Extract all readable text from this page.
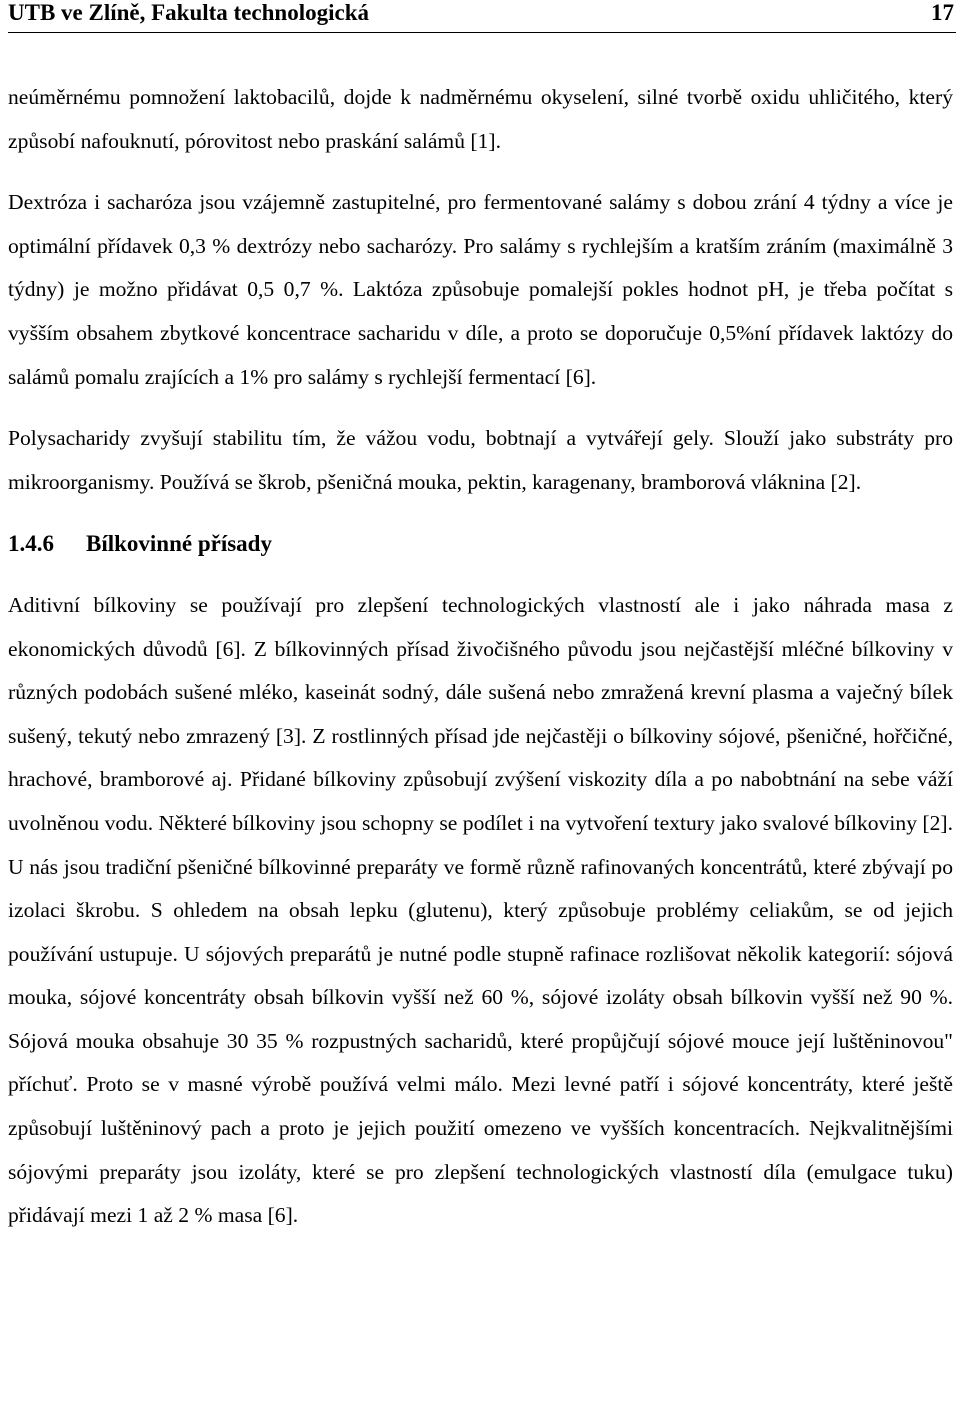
UTB ve Zlíně, Fakulta technologická	17

neúměrnému pomnožení laktobacilů, dojde k nadměrnému okyselení, silné tvorbě oxidu uhličitého, který způsobí nafouknutí, pórovitost nebo praskání salámů [1].

Dextróza i sacharóza jsou vzájemně zastupitelné, pro fermentované salámy s dobou zrání 4 týdny a více je optimální přídavek 0,3 % dextrózy nebo sacharózy. Pro salámy s rychlejším a kratším zráním (maximálně 3 týdny) je možno přidávat 0,5 0,7 %. Laktóza způsobuje pomalejší pokles hodnot pH, je třeba počítat s vyšším obsahem zbytkové koncentrace sacharidu v díle, a proto se doporučuje 0,5%ní přídavek laktózy do salámů pomalu zrajících a 1% pro salámy s rychlejší fermentací [6].

Polysacharidy zvyšují stabilitu tím, že vážou vodu, bobtnají a vytvářejí gely. Slouží jako substráty pro mikroorganismy. Používá se škrob, pšeničná mouka, pektin, karagenany, bramborová vláknina [2].

1.4.6 Bílkovinné přísady

Aditivní bílkoviny se používají pro zlepšení technologických vlastností ale i jako náhrada masa z ekonomických důvodů [6]. Z bílkovinných přísad živočišného původu jsou nejčastější mléčné bílkoviny v různých podobách sušené mléko, kaseinát sodný, dále sušená nebo zmražená krevní plasma a vaječný bílek sušený, tekutý nebo zmrazený [3]. Z rostlinných přísad jde nejčastěji o bílkoviny sójové, pšeničné, hořčičné, hrachové, bramborové aj. Přidané bílkoviny způsobují zvýšení viskozity díla a po nabobtnání na sebe váží uvolněnou vodu. Některé bílkoviny jsou schopny se podílet i na vytvoření textury jako svalové bílkoviny [2]. U nás jsou tradiční pšeničné bílkovinné preparáty ve formě různě rafinovaných koncentrátů, které zbývají po izolaci škrobu. S ohledem na obsah lepku (glutenu), který způsobuje problémy celiakům, se od jejich používání ustupuje. U sójových preparátů je nutné podle stupně rafinace rozlišovat několik kategorií: sójová mouka, sójové koncentráty obsah bílkovin vyšší než 60 %, sójové izoláty obsah bílkovin vyšší než 90 %. Sójová mouka obsahuje 30 35 % rozpustných sacharidů, které propůjčují sójové mouce její luštěninovou" příchuť. Proto se v masné výrobě používá velmi málo. Mezi levné patří i sójové koncentráty, které ještě způsobují luštěninový pach a proto je jejich použití omezeno ve vyšších koncentracích. Nejkvalitnějšími sójovými preparáty jsou izoláty, které se pro zlepšení technologických vlastností díla (emulgace tuku) přidávají mezi 1 až 2 % masa [6].
